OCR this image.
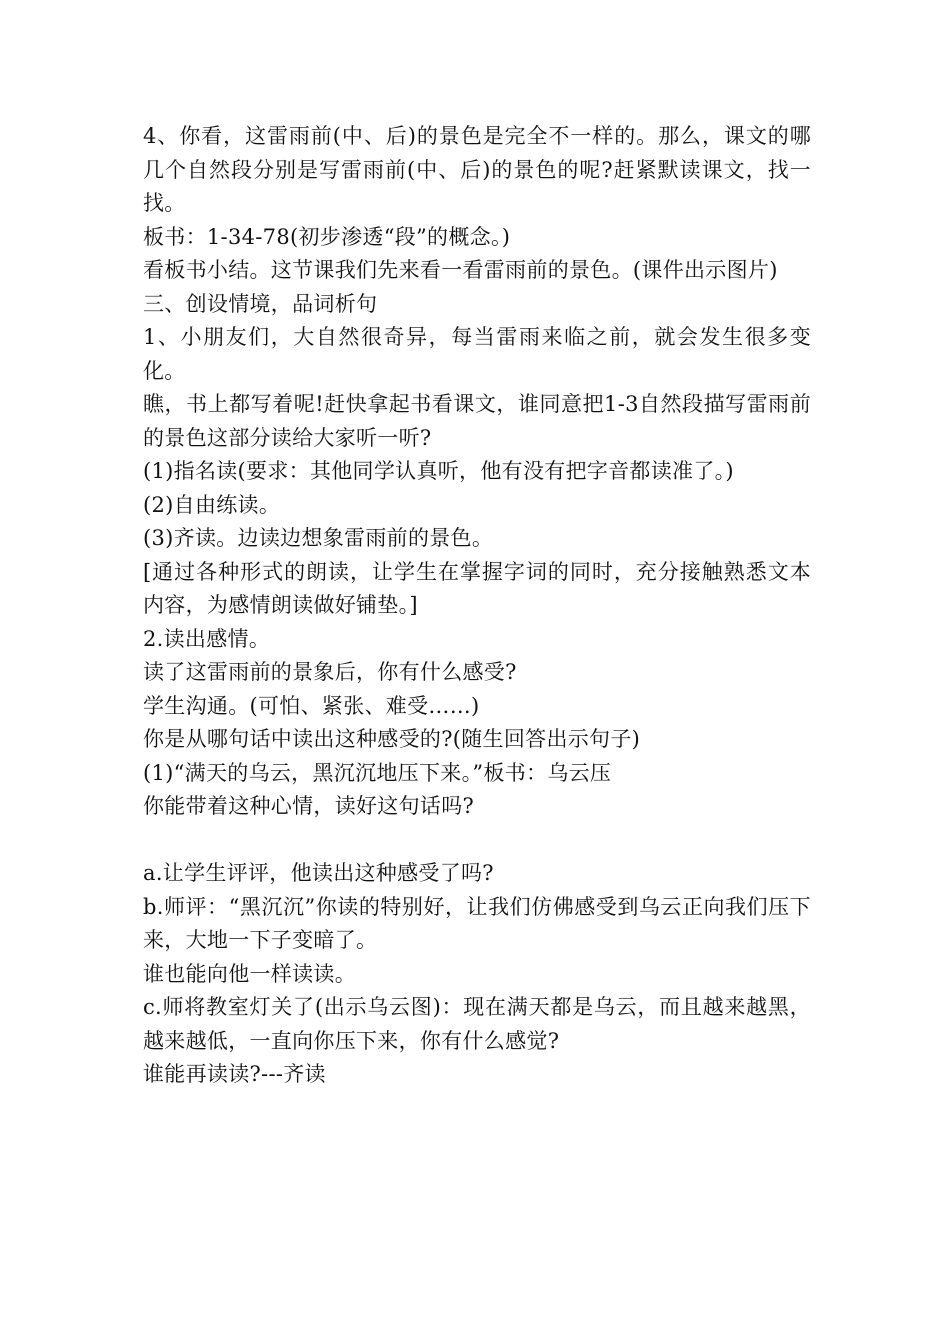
4、你看，这雷雨前(中、后)的景色是完全不一样的。那么，课文的哪几个自然段分别是写雷雨前(中、后)的景色的呢?赶紧默读课文，找一找。

板书：1-34-78(初步渗透“段”的概念。)

看板书小结。这节课我们先来看一看雷雨前的景色。(课件出示图片)

三、创设情境，品词析句

1、小朋友们，大自然很奇异，每当雷雨来临之前，就会发生很多变化。

瞧，书上都写着呢!赶快拿起书看课文，谁同意把1-3自然段描写雷雨前的景色这部分读给大家听一听?

(1)指名读(要求：其他同学认真听，他有没有把字音都读准了。)

(2)自由练读。

(3)齐读。边读边想象雷雨前的景色。

[通过各种形式的朗读，让学生在掌握字词的同时，充分接触熟悉文本内容，为感情朗读做好铺垫。]

2.读出感情。

读了这雷雨前的景象后，你有什么感受?

学生沟通。(可怕、紧张、难受……)

你是从哪句话中读出这种感受的?(随生回答出示句子)

(1)“满天的乌云，黑沉沉地压下来。”板书：乌云压

你能带着这种心情，读好这句话吗?

a.让学生评评，他读出这种感受了吗?

b.师评：“黑沉沉”你读的特别好，让我们仿佛感受到乌云正向我们压下来，大地一下子变暗了。

谁也能向他一样读读。

c.师将教室灯关了(出示乌云图)：现在满天都是乌云，而且越来越黑，越来越低，一直向你压下来，你有什么感觉?

谁能再读读?---齐读
